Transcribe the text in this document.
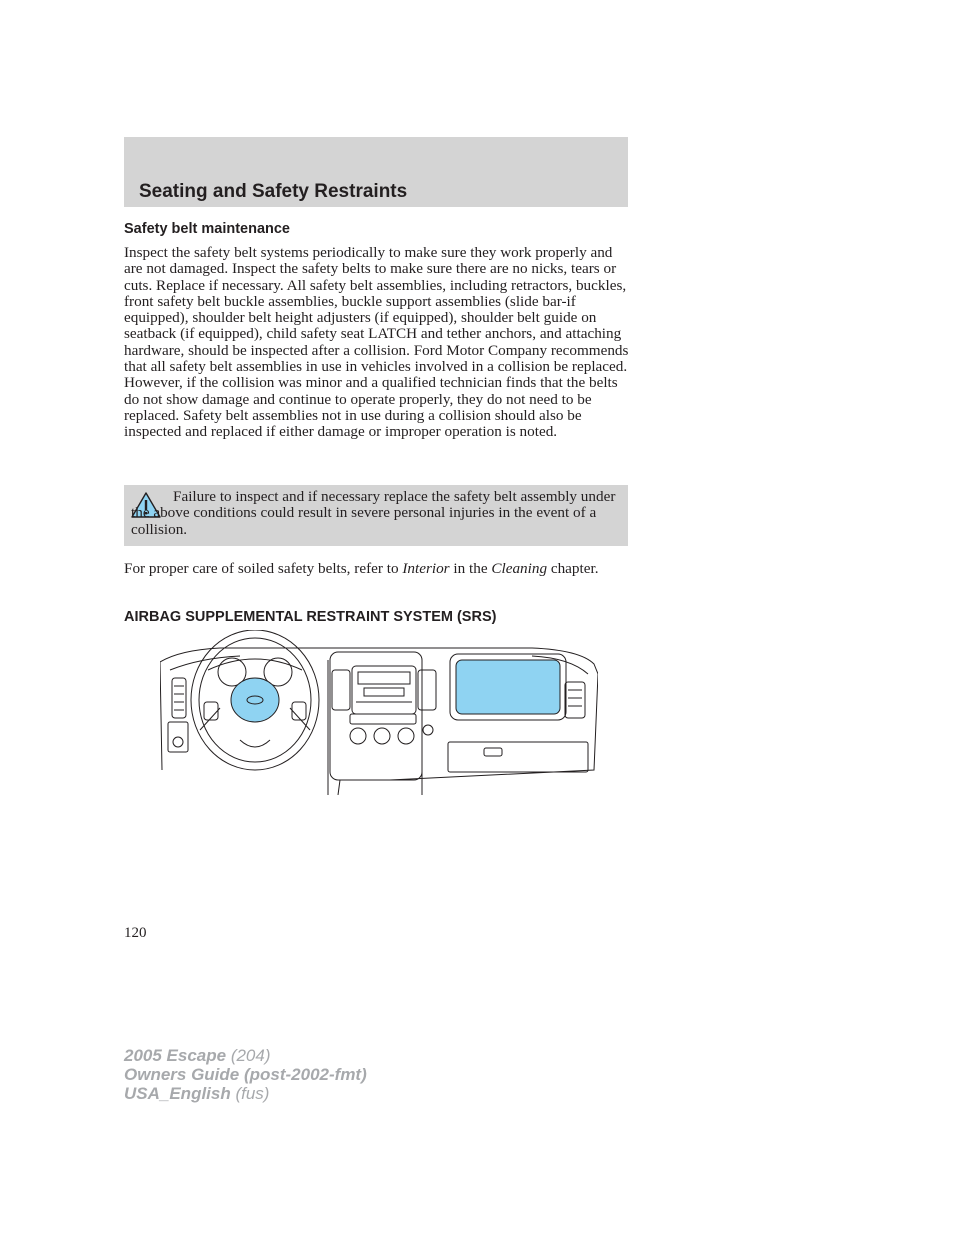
Seating and Safety Restraints
Safety belt maintenance
Inspect the safety belt systems periodically to make sure they work properly and are not damaged. Inspect the safety belts to make sure there are no nicks, tears or cuts. Replace if necessary. All safety belt assemblies, including retractors, buckles, front safety belt buckle assemblies, buckle support assemblies (slide bar-if equipped), shoulder belt height adjusters (if equipped), shoulder belt guide on seatback (if equipped), child safety seat LATCH and tether anchors, and attaching hardware, should be inspected after a collision. Ford Motor Company recommends that all safety belt assemblies in use in vehicles involved in a collision be replaced. However, if the collision was minor and a qualified technician finds that the belts do not show damage and continue to operate properly, they do not need to be replaced. Safety belt assemblies not in use during a collision should also be inspected and replaced if either damage or improper operation is noted.
Failure to inspect and if necessary replace the safety belt assembly under the above conditions could result in severe personal injuries in the event of a collision.
For proper care of soiled safety belts, refer to Interior in the Cleaning chapter.
AIRBAG SUPPLEMENTAL RESTRAINT SYSTEM (SRS)
120
2005 Escape (204)
Owners Guide (post-2002-fmt)
USA_English (fus)
